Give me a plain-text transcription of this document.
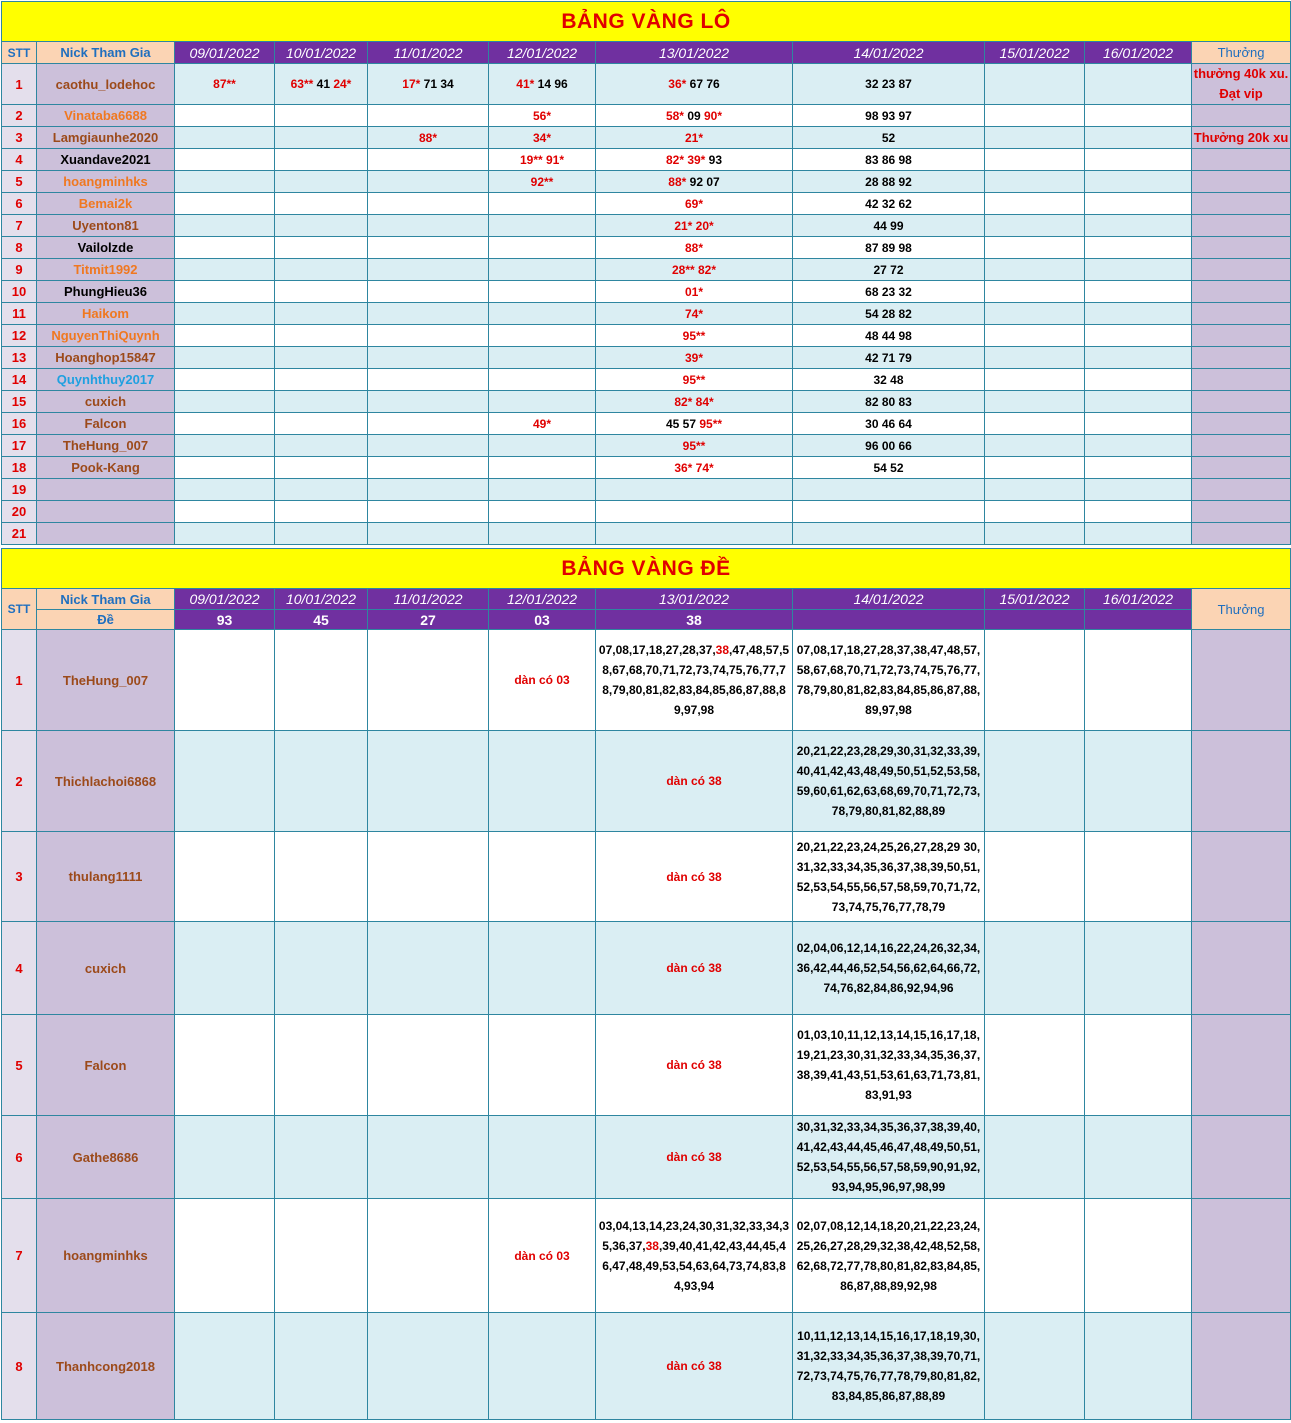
BẢNG VÀNG LÔ										
STT	Nick Tham Gia	09/01/2022	10/01/2022	11/01/2022	12/01/2022	13/01/2022	14/01/2022	15/01/2022	16/01/2022	Thưởng
1	caothu_lodehoc	87**	63** 41 24*	17* 71 34	41* 14 96	36* 67 76	32 23 87			thưởng 40k xu. Đạt vip
2	Vinataba6688				56*	58* 09 90*	98 93 97			
3	Lamgiaunhe2020			88*	34*	21*	52			Thưởng 20k xu
4	Xuandave2021				19** 91*	82* 39* 93	83 86 98			
5	hoangminhks				92**	88* 92 07	28 88 92			
6	Bemai2k					69*	42 32 62			
7	Uyenton81					21* 20*	44 99			
8	Vailolzde					88*	87 89 98			
9	Titmit1992					28** 82*	27 72			
10	PhungHieu36					01*	68 23 32			
11	Haikom					74*	54 28 82			
12	NguyenThiQuynh					95**	48 44 98			
13	Hoanghop15847					39*	42 71 79			
14	Quynhthuy2017					95**	32 48			
15	cuxich					82* 84*	82 80 83			
16	Falcon				49*	45 57 95**	30 46 64			
17	TheHung_007					95**	96 00 66			
18	Pook-Kang					36* 74*	54 52			
19										
20										
21										
BẢNG VÀNG ĐỀ										
STT	Nick Tham Gia	09/01/2022	10/01/2022	11/01/2022	12/01/2022	13/01/2022	14/01/2022	15/01/2022	16/01/2022	Thưởng
	Đề	93	45	27	03	38				
1	TheHung_007				dàn có 03	07,08,17,18,27,28,37,38,47,48,57,58,67,68,70,71,72,73,74,75,76,77,78,79,80,81,82,83,84,85,86,87,88,89,97,98	07,08,17,18,27,28,37,38,47,48,57,58,67,68,70,71,72,73,74,75,76,77,78,79,80,81,82,83,84,85,86,87,88,89,97,98			
2	Thichlachoi6868					dàn có 38	20,21,22,23,28,29,30,31,32,33,39,40,41,42,43,48,49,50,51,52,53,58,59,60,61,62,63,68,69,70,71,72,73,78,79,80,81,82,88,89			
3	thulang1111					dàn có 38	20,21,22,23,24,25,26,27,28,29 30,31,32,33,34,35,36,37,38,39,50,51,52,53,54,55,56,57,58,59,70,71,72,73,74,75,76,77,78,79			
4	cuxich					dàn có 38	02,04,06,12,14,16,22,24,26,32,34,36,42,44,46,52,54,56,62,64,66,72,74,76,82,84,86,92,94,96			
5	Falcon					dàn có 38	01,03,10,11,12,13,14,15,16,17,18,19,21,23,30,31,32,33,34,35,36,37,38,39,41,43,51,53,61,63,71,73,81,83,91,93			
6	Gathe8686					dàn có 38	30,31,32,33,34,35,36,37,38,39,40,41,42,43,44,45,46,47,48,49,50,51,52,53,54,55,56,57,58,59,90,91,92,93,94,95,96,97,98,99			
7	hoangminhks				dàn có 03	03,04,13,14,23,24,30,31,32,33,34,35,36,37,38,39,40,41,42,43,44,45,46,47,48,49,53,54,63,64,73,74,83,84,93,94	02,07,08,12,14,18,20,21,22,23,24,25,26,27,28,29,32,38,42,48,52,58,62,68,72,77,78,80,81,82,83,84,85,86,87,88,89,92,98			
8	Thanhcong2018					dàn có 38	10,11,12,13,14,15,16,17,18,19,30,31,32,33,34,35,36,37,38,39,70,71,72,73,74,75,76,77,78,79,80,81,82,83,84,85,86,87,88,89			
